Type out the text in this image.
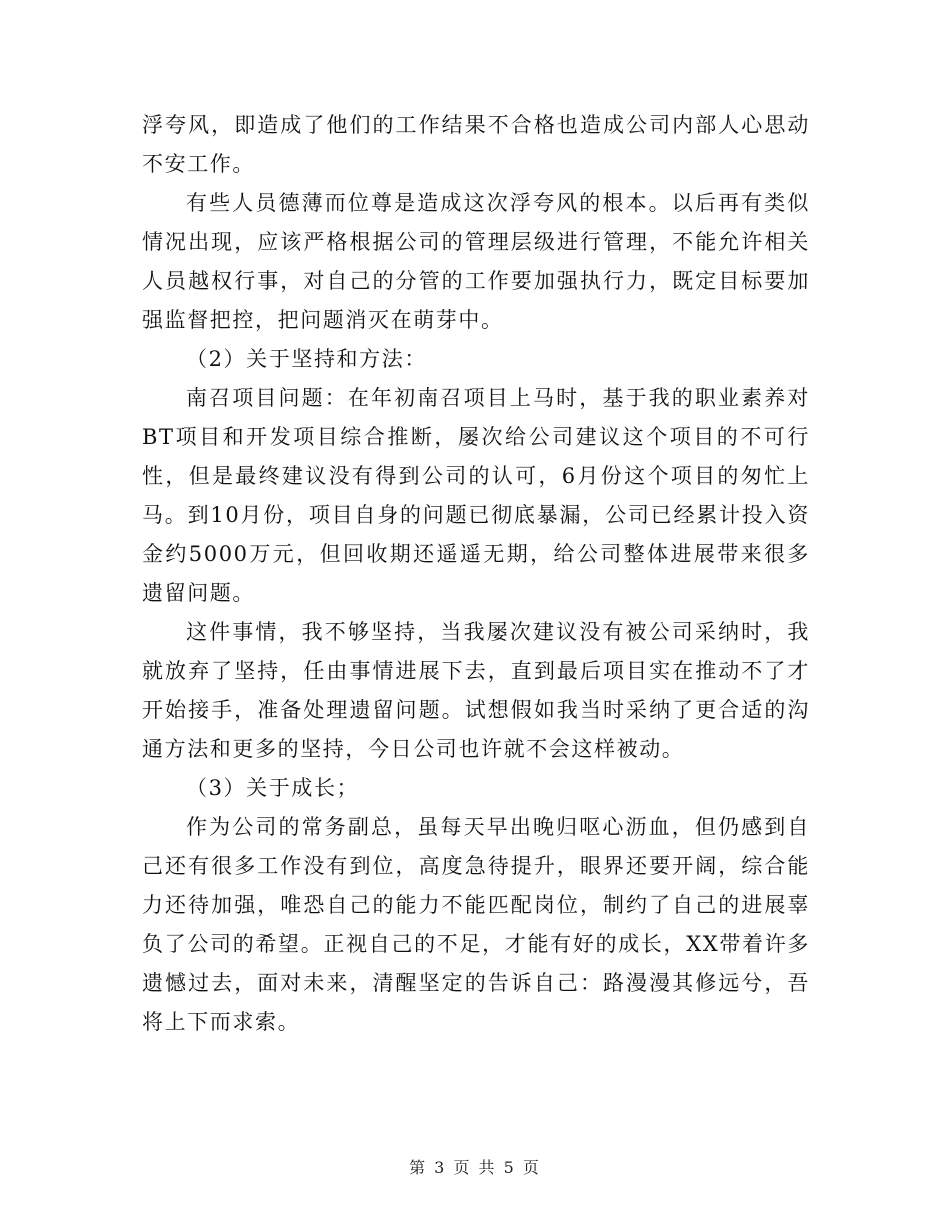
浮夸风，即造成了他们的工作结果不合格也造成公司内部人心思动不安工作。

有些人员德薄而位尊是造成这次浮夸风的根本。以后再有类似情况出现，应该严格根据公司的管理层级进行管理，不能允许相关人员越权行事，对自己的分管的工作要加强执行力，既定目标要加强监督把控，把问题消灭在萌芽中。

（2）关于坚持和方法：

南召项目问题：在年初南召项目上马时，基于我的职业素养对BT项目和开发项目综合推断，屡次给公司建议这个项目的不可行性，但是最终建议没有得到公司的认可，6月份这个项目的匆忙上马。到10月份，项目自身的问题已彻底暴漏，公司已经累计投入资金约5000万元，但回收期还遥遥无期，给公司整体进展带来很多遗留问题。

这件事情，我不够坚持，当我屡次建议没有被公司采纳时，我就放弃了坚持，任由事情进展下去，直到最后项目实在推动不了才开始接手，准备处理遗留问题。试想假如我当时采纳了更合适的沟通方法和更多的坚持，今日公司也许就不会这样被动。

（3）关于成长；

作为公司的常务副总，虽每天早出晚归呕心沥血，但仍感到自己还有很多工作没有到位，高度急待提升，眼界还要开阔，综合能力还待加强，唯恐自己的能力不能匹配岗位，制约了自己的进展辜负了公司的希望。正视自己的不足，才能有好的成长，XX带着许多遗憾过去，面对未来，清醒坚定的告诉自己：路漫漫其修远兮，吾将上下而求索。

第 3 页 共 5 页
